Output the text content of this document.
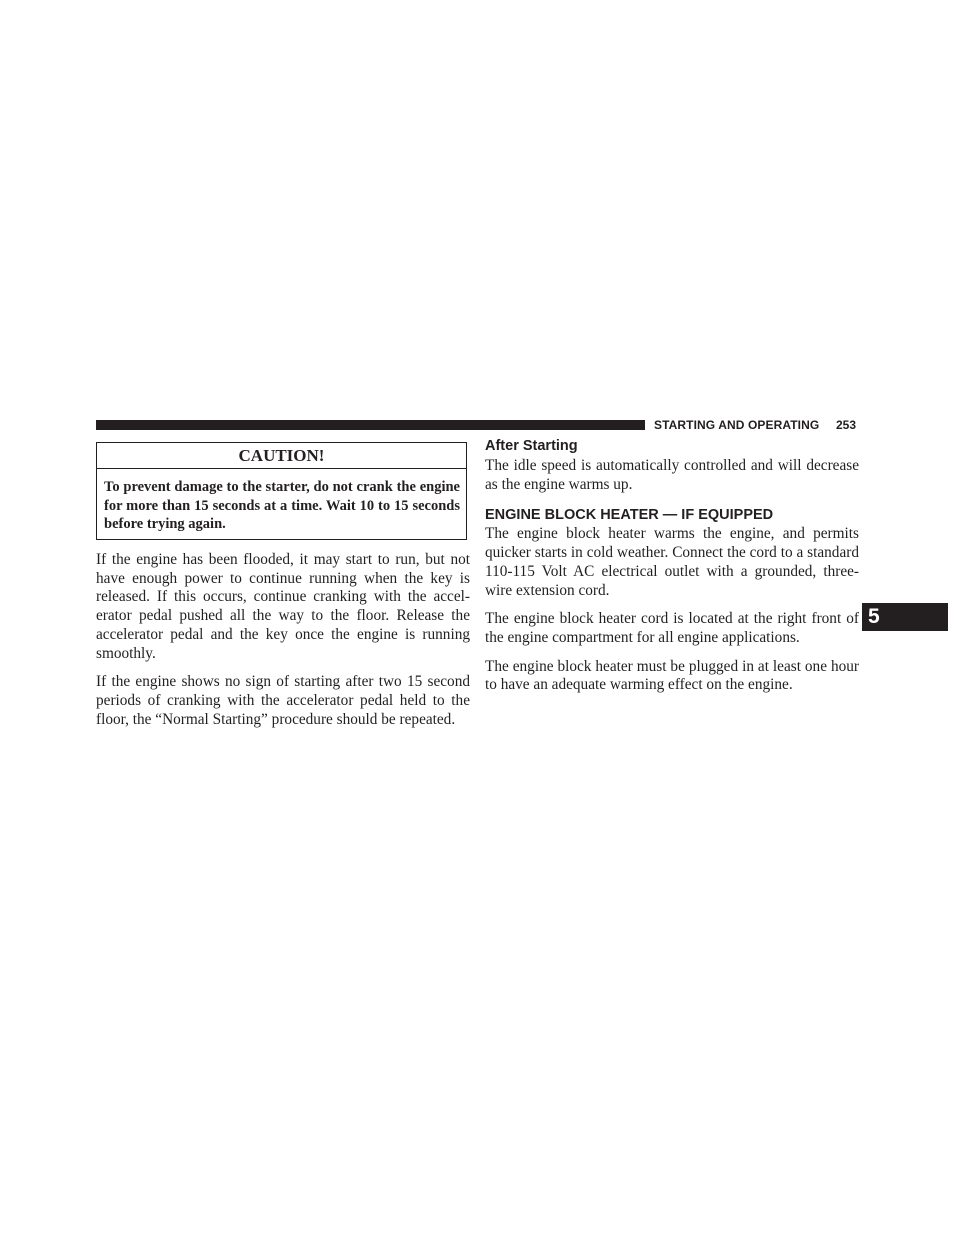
STARTING AND OPERATING 253
CAUTION!
To prevent damage to the starter, do not crank the engine for more than 15 seconds at a time. Wait 10 to 15 seconds before trying again.

If the engine has been flooded, it may start to run, but not have enough power to continue running when the key is released. If this occurs, continue cranking with the accelerator pedal pushed all the way to the floor. Release the accelerator pedal and the key once the engine is running smoothly.

If the engine shows no sign of starting after two 15 second periods of cranking with the accelerator pedal held to the floor, the “Normal Starting” procedure should be repeated.

After Starting

The idle speed is automatically controlled and will decrease as the engine warms up.

ENGINE BLOCK HEATER — IF EQUIPPED

The engine block heater warms the engine, and permits quicker starts in cold weather. Connect the cord to a standard 110-115 Volt AC electrical outlet with a grounded, three-wire extension cord.

The engine block heater cord is located at the right front of the engine compartment for all engine applications.

The engine block heater must be plugged in at least one hour to have an adequate warming effect on the engine.

5
